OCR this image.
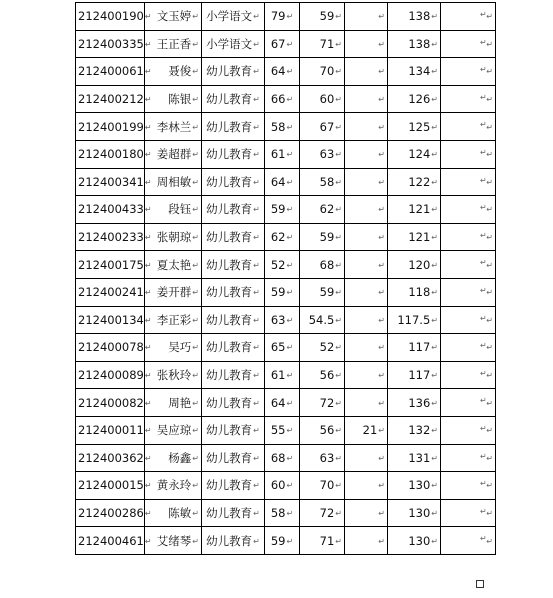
212400190↵	文玉婷↵	小学语文↵	79↵	59↵	↵	138↵	↵
212400335↵	王正香↵	小学语文↵	67↵	71↵	↵	138↵	↵
212400061↵	聂俊↵	幼儿教育↵	64↵	70↵	↵	134↵	↵
212400212↵	陈银↵	幼儿教育↵	66↵	60↵	↵	126↵	↵
212400199↵	李林兰↵	幼儿教育↵	58↵	67↵	↵	125↵	↵
212400180↵	姜超群↵	幼儿教育↵	61↵	63↵	↵	124↵	↵
212400341↵	周相敏↵	幼儿教育↵	64↵	58↵	↵	122↵	↵
212400433↵	段钰↵	幼儿教育↵	59↵	62↵	↵	121↵	↵
212400233↵	张朝琼↵	幼儿教育↵	62↵	59↵	↵	121↵	↵
212400175↵	夏太艳↵	幼儿教育↵	52↵	68↵	↵	120↵	↵
212400241↵	姜开群↵	幼儿教育↵	59↵	59↵	↵	118↵	↵
212400134↵	李正彩↵	幼儿教育↵	63↵	54.5↵	↵	117.5↵	↵
212400078↵	吴巧↵	幼儿教育↵	65↵	52↵	↵	117↵	↵
212400089↵	张秋玲↵	幼儿教育↵	61↵	56↵	↵	117↵	↵
212400082↵	周艳↵	幼儿教育↵	64↵	72↵	↵	136↵	↵
212400011↵	吴应琼↵	幼儿教育↵	55↵	56↵	21↵	132↵	↵
212400362↵	杨鑫↵	幼儿教育↵	68↵	63↵	↵	131↵	↵
212400015↵	黄永玲↵	幼儿教育↵	60↵	70↵	↵	130↵	↵
212400286↵	陈敏↵	幼儿教育↵	58↵	72↵	↵	130↵	↵
212400461↵	艾绪琴↵	幼儿教育↵	59↵	71↵	↵	130↵	↵
↵
↵
↵
↵
↵
↵
↵
↵
↵
↵
↵
↵
↵
↵
↵
↵
↵
↵
↵
↵
